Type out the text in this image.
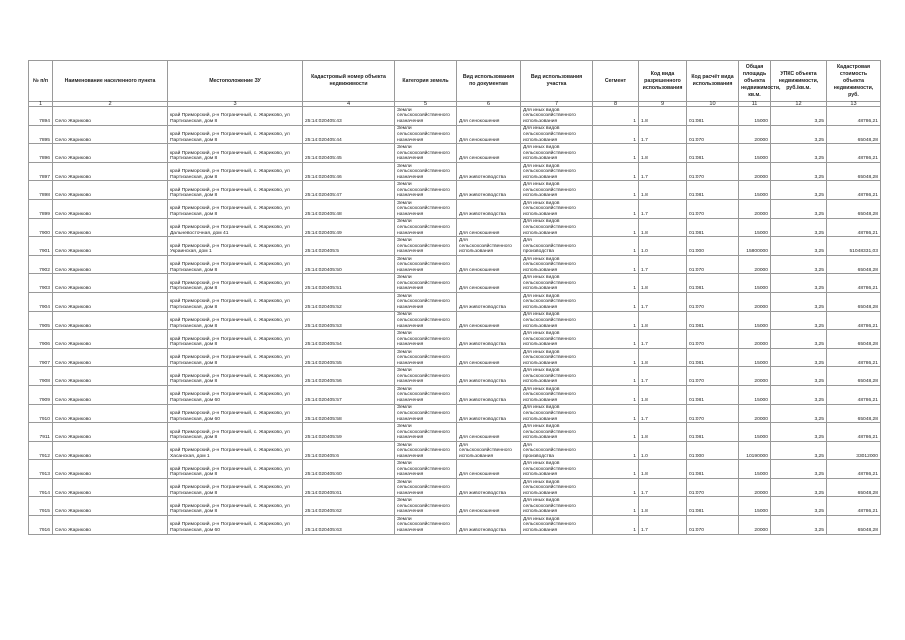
№ п/п	Наименование населенного пункта	Местоположение ЗУ	Кадастровый номер объекта недвижимости	Категория земель	Вид использования по документам	Вид использования участка	Сегмент	Код вида разрешенного использования	Код расчёт вида использования	Общая площадь объекта недвижимости, кв.м.	УПКС объекта недвижимости, руб./кв.м.	Кадастровая стоимость объекта недвижимости, руб.
1	2	3	4	5	6	7	8	9	10	11	12	13
7894	Село Жариково	край Приморский, р-н Пограничный, с. Жариково, ул
Партизанская, дом 8	25:14:020405:43	Земли
сельскохозяйственного
назначения	Для сенокошения	Для иных видов
сельскохозяйственного
использования	1	1.8	01:081	15000	3,25	48786,21
7895	Село Жариково	край Приморский, р-н Пограничный, с. Жариково, ул
Партизанская, дом 8	25:14:020405:44	Земли
сельскохозяйственного
назначения	Для сенокошения	Для иных видов
сельскохозяйственного
использования	1	1.7	01:070	20000	3,25	65048,28
7896	Село Жариково	край Приморский, р-н Пограничный, с. Жариково, ул
Партизанская, дом 8	25:14:020405:45	Земли
сельскохозяйственного
назначения	Для сенокошения	Для иных видов
сельскохозяйственного
использования	1	1.8	01:081	15000	3,25	48786,21
7897	Село Жариково	край Приморский, р-н Пограничный, с. Жариково, ул
Партизанская, дом 8	25:14:020405:46	Земли
сельскохозяйственного
назначения	Для животноводства	Для иных видов
сельскохозяйственного
использования	1	1.7	01:070	20000	3,25	65048,28
7898	Село Жариково	край Приморский, р-н Пограничный, с. Жариково, ул
Партизанская, дом 8	25:14:020405:47	Земли
сельскохозяйственного
назначения	Для животноводства	Для иных видов
сельскохозяйственного
использования	1	1.8	01:081	15000	3,25	48786,21
7899	Село Жариково	край Приморский, р-н Пограничный, с. Жариково, ул
Партизанская, дом 8	25:14:020405:48	Земли
сельскохозяйственного
назначения	Для животноводства	Для иных видов
сельскохозяйственного
использования	1	1.7	01:070	20000	3,25	65048,28
7900	Село Жариково	край Приморский, р-н Пограничный, с. Жариково, ул
Дальневосточная, дом 41	25:14:020405:49	Земли
сельскохозяйственного
назначения	Для сенокошения	Для иных видов
сельскохозяйственного
использования	1	1.8	01:081	15000	3,25	48786,21
7901	Село Жариково	край Приморский, р-н Пограничный, с. Жариково, ул
Украинская, дом 1	25:14:020405:5	Земли
сельскохозяйственного
назначения	Для
сельскохозяйственного
использования	Для
сельскохозяйственного
производства	1	1.0	01:000	15800000	3,25	51048331,03
7902	Село Жариково	край Приморский, р-н Пограничный, с. Жариково, ул
Партизанская, дом 8	25:14:020405:50	Земли
сельскохозяйственного
назначения	Для сенокошения	Для иных видов
сельскохозяйственного
использования	1	1.7	01:070	20000	3,25	65048,28
7903	Село Жариково	край Приморский, р-н Пограничный, с. Жариково, ул
Партизанская, дом 8	25:14:020405:51	Земли
сельскохозяйственного
назначения	Для сенокошения	Для иных видов
сельскохозяйственного
использования	1	1.8	01:081	15000	3,25	48786,21
7904	Село Жариково	край Приморский, р-н Пограничный, с. Жариково, ул
Партизанская, дом 8	25:14:020405:52	Земли
сельскохозяйственного
назначения	Для животноводства	Для иных видов
сельскохозяйственного
использования	1	1.7	01:070	20000	3,25	65048,28
7905	Село Жариково	край Приморский, р-н Пограничный, с. Жариково, ул
Партизанская, дом 8	25:14:020405:53	Земли
сельскохозяйственного
назначения	Для сенокошения	Для иных видов
сельскохозяйственного
использования	1	1.8	01:081	15000	3,25	48786,21
7906	Село Жариково	край Приморский, р-н Пограничный, с. Жариково, ул
Партизанская, дом 8	25:14:020405:54	Земли
сельскохозяйственного
назначения	Для животноводства	Для иных видов
сельскохозяйственного
использования	1	1.7	01:070	20000	3,25	65048,28
7907	Село Жариково	край Приморский, р-н Пограничный, с. Жариково, ул
Партизанская, дом 8	25:14:020405:55	Земли
сельскохозяйственного
назначения	Для сенокошения	Для иных видов
сельскохозяйственного
использования	1	1.8	01:081	15000	3,25	48786,21
7908	Село Жариково	край Приморский, р-н Пограничный, с. Жариково, ул
Партизанская, дом 8	25:14:020405:56	Земли
сельскохозяйственного
назначения	Для животноводства	Для иных видов
сельскохозяйственного
использования	1	1.7	01:070	20000	3,25	65048,28
7909	Село Жариково	край Приморский, р-н Пограничный, с. Жариково, ул
Партизанская, дом 60	25:14:020405:57	Земли
сельскохозяйственного
назначения	Для животноводства	Для иных видов
сельскохозяйственного
использования	1	1.8	01:081	15000	3,25	48786,21
7910	Село Жариково	край Приморский, р-н Пограничный, с. Жариково, ул
Партизанская, дом 60	25:14:020405:58	Земли
сельскохозяйственного
назначения	Для животноводства	Для иных видов
сельскохозяйственного
использования	1	1.7	01:070	20000	3,25	65048,28
7911	Село Жариково	край Приморский, р-н Пограничный, с. Жариково, ул
Партизанская, дом 8	25:14:020405:59	Земли
сельскохозяйственного
назначения	Для сенокошения	Для иных видов
сельскохозяйственного
использования	1	1.8	01:081	15000	3,25	48786,21
7912	Село Жариково	край Приморский, р-н Пограничный, с. Жариково, ул
Хасанская, дом 1	25:14:020405:6	Земли
сельскохозяйственного
назначения	Для
сельскохозяйственного
использования	Для
сельскохозяйственного
производства	1	1.0	01:000	10190000	3,25	33012000
7913	Село Жариково	край Приморский, р-н Пограничный, с. Жариково, ул
Партизанская, дом 8	25:14:020405:60	Земли
сельскохозяйственного
назначения	Для сенокошения	Для иных видов
сельскохозяйственного
использования	1	1.8	01:081	15000	3,25	48786,21
7914	Село Жариково	край Приморский, р-н Пограничный, с. Жариково, ул
Партизанская, дом 8	25:14:020405:61	Земли
сельскохозяйственного
назначения	Для животноводства	Для иных видов
сельскохозяйственного
использования	1	1.7	01:070	20000	3,25	65048,28
7915	Село Жариково	край Приморский, р-н Пограничный, с. Жариково, ул
Партизанская, дом 8	25:14:020405:62	Земли
сельскохозяйственного
назначения	Для сенокошения	Для иных видов
сельскохозяйственного
использования	1	1.8	01:081	15000	3,25	48786,21
7916	Село Жариково	край Приморский, р-н Пограничный, с. Жариково, ул
Партизанская, дом 60	25:14:020405:63	Земли
сельскохозяйственного
назначения	Для животноводства	Для иных видов
сельскохозяйственного
использования	1	1.7	01:070	20000	3,25	65048,28
